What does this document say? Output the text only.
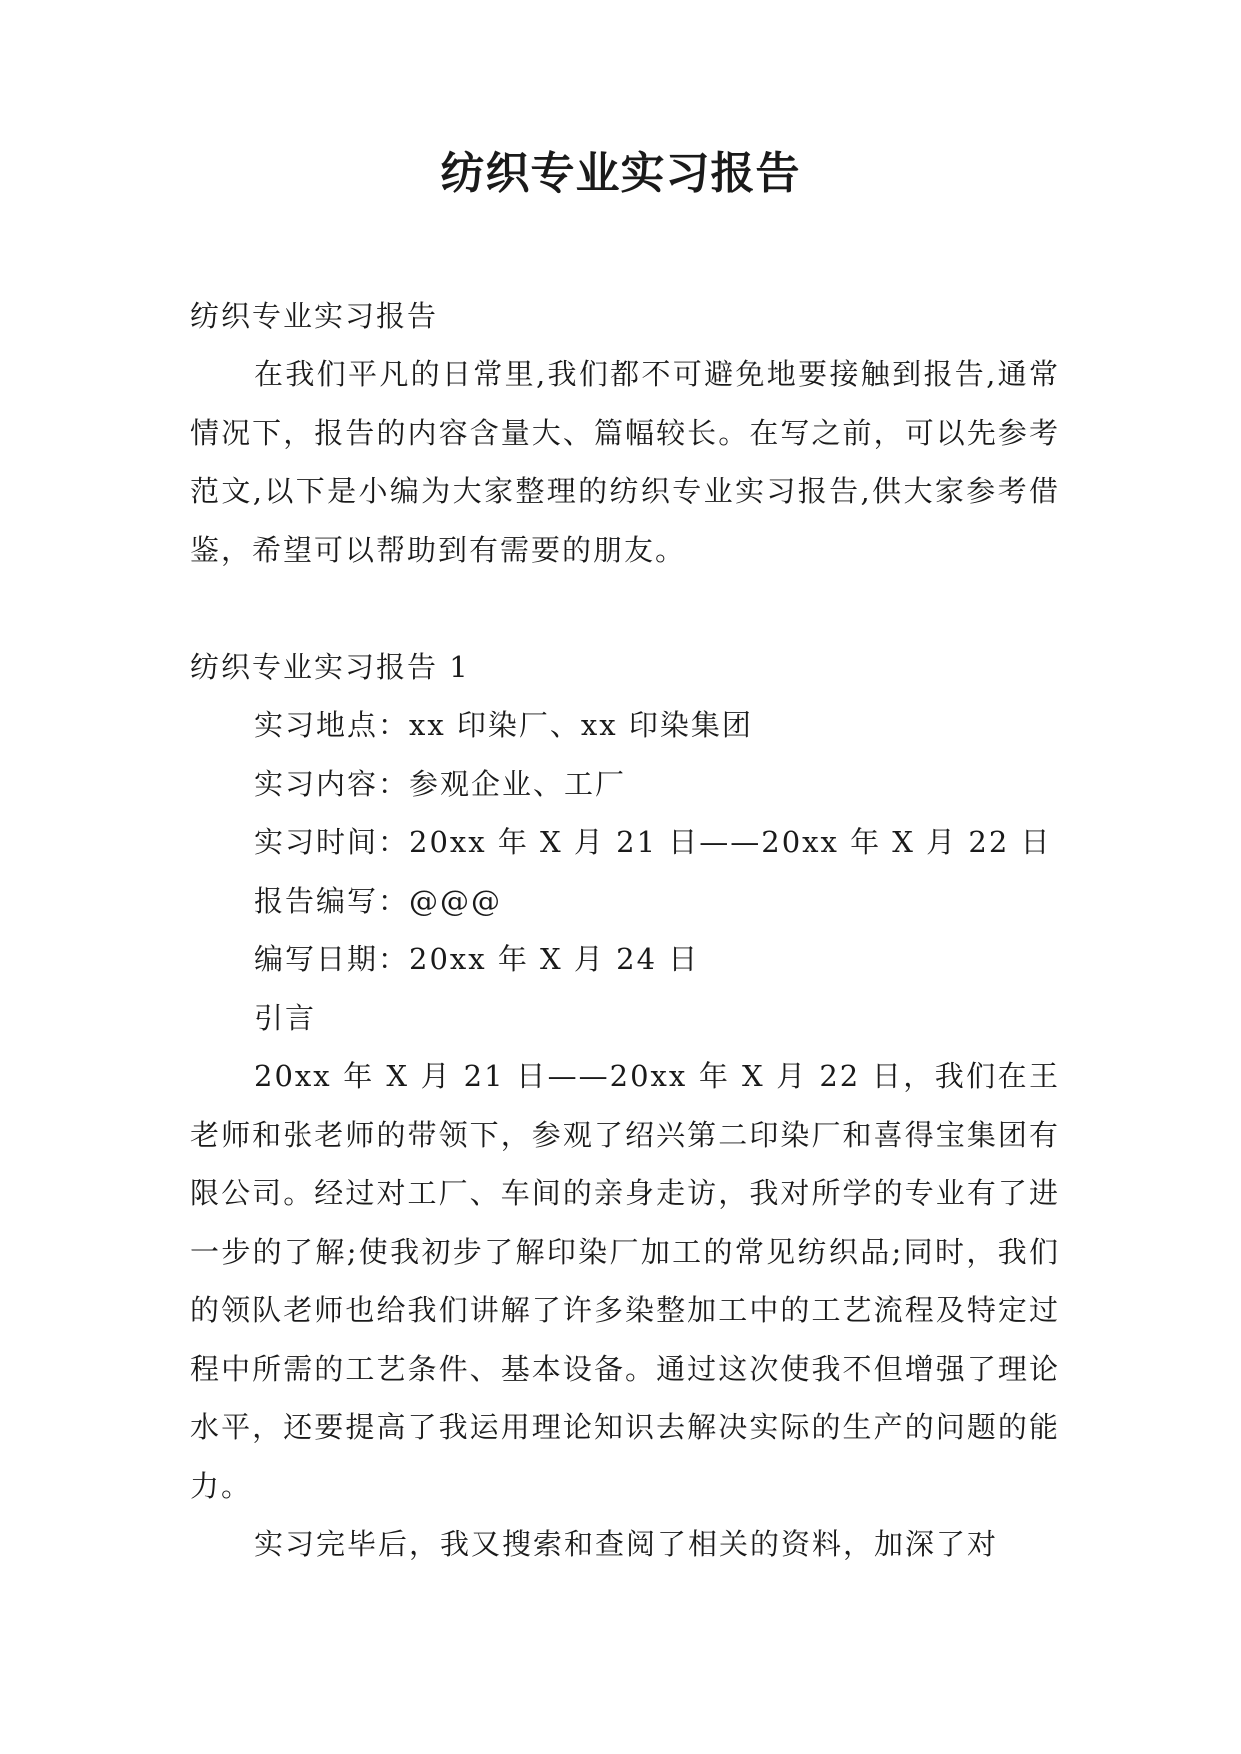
纺织专业实习报告
纺织专业实习报告

在我们平凡的日常里,我们都不可避免地要接触到报告,通常情况下，报告的内容含量大、篇幅较长。在写之前，可以先参考范文,以下是小编为大家整理的纺织专业实习报告,供大家参考借鉴，希望可以帮助到有需要的朋友。

纺织专业实习报告 1

实习地点：xx 印染厂、xx 印染集团

实习内容：参观企业、工厂

实习时间：20xx 年 X 月 21 日——20xx 年 X 月 22 日

报告编写：@@@

编写日期：20xx 年 X 月 24 日

引言

20xx 年 X 月 21 日——20xx 年 X 月 22 日，我们在王老师和张老师的带领下，参观了绍兴第二印染厂和喜得宝集团有限公司。经过对工厂、车间的亲身走访，我对所学的专业有了进一步的了解;使我初步了解印染厂加工的常见纺织品;同时，我们的领队老师也给我们讲解了许多染整加工中的工艺流程及特定过程中所需的工艺条件、基本设备。通过这次使我不但增强了理论水平，还要提高了我运用理论知识去解决实际的生产的问题的能力。

实习完毕后，我又搜索和查阅了相关的资料，加深了对
